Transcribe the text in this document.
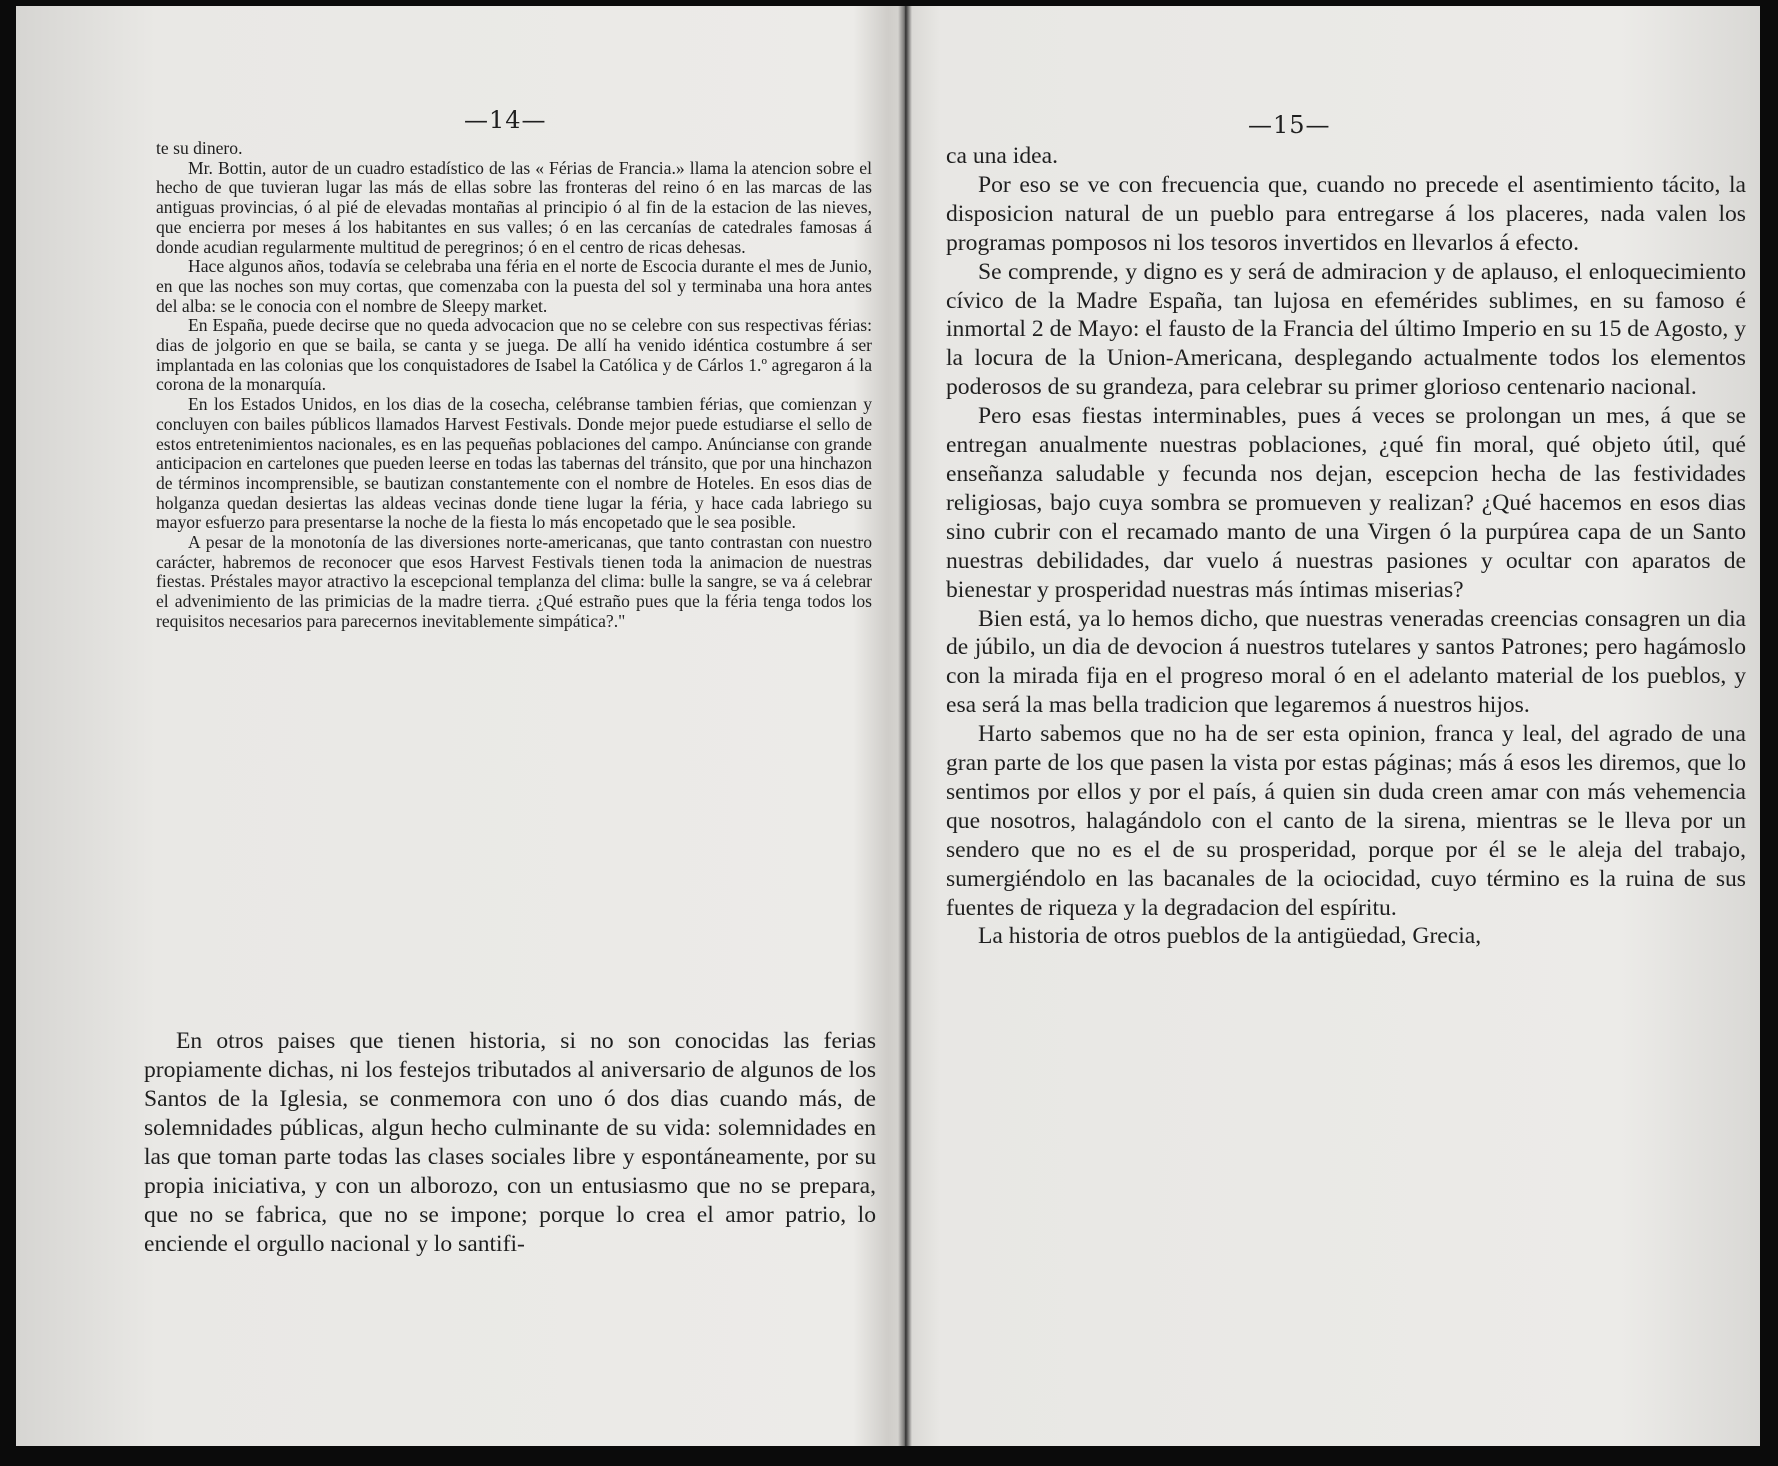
—14—

te su dinero.

Mr. Bottin, autor de un cuadro estadístico de las « Férias de Francia.» llama la atencion sobre el hecho de que tuvieran lugar las más de ellas sobre las fronteras del reino ó en las marcas de las antiguas provincias, ó al pié de elevadas montañas al principio ó al fin de la estacion de las nieves, que encierra por meses á los habitantes en sus valles; ó en las cercanías de catedrales famosas á donde acudian regularmente multitud de peregrinos; ó en el centro de ricas dehesas.

Hace algunos años, todavía se celebraba una féria en el norte de Escocia durante el mes de Junio, en que las noches son muy cortas, que comenzaba con la puesta del sol y terminaba una hora antes del alba: se le conocia con el nombre de Sleepy market.

En España, puede decirse que no queda advocacion que no se celebre con sus respectivas férias: dias de jolgorio en que se baila, se canta y se juega. De allí ha venido idéntica costumbre á ser implantada en las colonias que los conquistadores de Isabel la Católica y de Cárlos 1.º agregaron á la corona de la monarquía.

En los Estados Unidos, en los dias de la cosecha, celébranse tambien férias, que comienzan y concluyen con bailes públicos llamados Harvest Festivals. Donde mejor puede estudiarse el sello de estos entretenimientos nacionales, es en las pequeñas poblaciones del campo. Anúncianse con grande anticipacion en cartelones que pueden leerse en todas las tabernas del tránsito, que por una hinchazon de términos incomprensible, se bautizan constantemente con el nombre de Hoteles. En esos dias de holganza quedan desiertas las aldeas vecinas donde tiene lugar la féria, y hace cada labriego su mayor esfuerzo para presentarse la noche de la fiesta lo más encopetado que le sea posible.

A pesar de la monotonía de las diversiones norte-americanas, que tanto contrastan con nuestro carácter, habremos de reconocer que esos Harvest Festivals tienen toda la animacion de nuestras fiestas. Préstales mayor atractivo la escepcional templanza del clima: bulle la sangre, se va á celebrar el advenimiento de las primicias de la madre tierra. ¿Qué estraño pues que la féria tenga todos los requisitos necesarios para parecernos inevitablemente simpática?."

En otros paises que tienen historia, si no son conocidas las ferias propiamente dichas, ni los festejos tributados al aniversario de algunos de los Santos de la Iglesia, se conmemora con uno ó dos dias cuando más, de solemnidades públicas, algun hecho culminante de su vida: solemnidades en las que toman parte todas las clases sociales libre y espontáneamente, por su propia iniciativa, y con un alborozo, con un entusiasmo que no se prepara, que no se fabrica, que no se impone; porque lo crea el amor patrio, lo enciende el orgullo nacional y lo santifi-

—15—

ca una idea.

Por eso se ve con frecuencia que, cuando no precede el asentimiento tácito, la disposicion natural de un pueblo para entregarse á los placeres, nada valen los programas pomposos ni los tesoros invertidos en llevarlos á efecto.

Se comprende, y digno es y será de admiracion y de aplauso, el enloquecimiento cívico de la Madre España, tan lujosa en efemérides sublimes, en su famoso é inmortal 2 de Mayo: el fausto de la Francia del último Imperio en su 15 de Agosto, y la locura de la Union-Americana, desplegando actualmente todos los elementos poderosos de su grandeza, para celebrar su primer glorioso centenario nacional.

Pero esas fiestas interminables, pues á veces se prolongan un mes, á que se entregan anualmente nuestras poblaciones, ¿qué fin moral, qué objeto útil, qué enseñanza saludable y fecunda nos dejan, escepcion hecha de las festividades religiosas, bajo cuya sombra se promueven y realizan? ¿Qué hacemos en esos dias sino cubrir con el recamado manto de una Virgen ó la purpúrea capa de un Santo nuestras debilidades, dar vuelo á nuestras pasiones y ocultar con aparatos de bienestar y prosperidad nuestras más íntimas miserias?

Bien está, ya lo hemos dicho, que nuestras veneradas creencias consagren un dia de júbilo, un dia de devocion á nuestros tutelares y santos Patrones; pero hagámoslo con la mirada fija en el progreso moral ó en el adelanto material de los pueblos, y esa será la mas bella tradicion que legaremos á nuestros hijos.

Harto sabemos que no ha de ser esta opinion, franca y leal, del agrado de una gran parte de los que pasen la vista por estas páginas; más á esos les diremos, que lo sentimos por ellos y por el país, á quien sin duda creen amar con más vehemencia que nosotros, halagándolo con el canto de la sirena, mientras se le lleva por un sendero que no es el de su prosperidad, porque por él se le aleja del trabajo, sumergiéndolo en las bacanales de la ociocidad, cuyo término es la ruina de sus fuentes de riqueza y la degradacion del espíritu.

La historia de otros pueblos de la antigüedad, Grecia,
